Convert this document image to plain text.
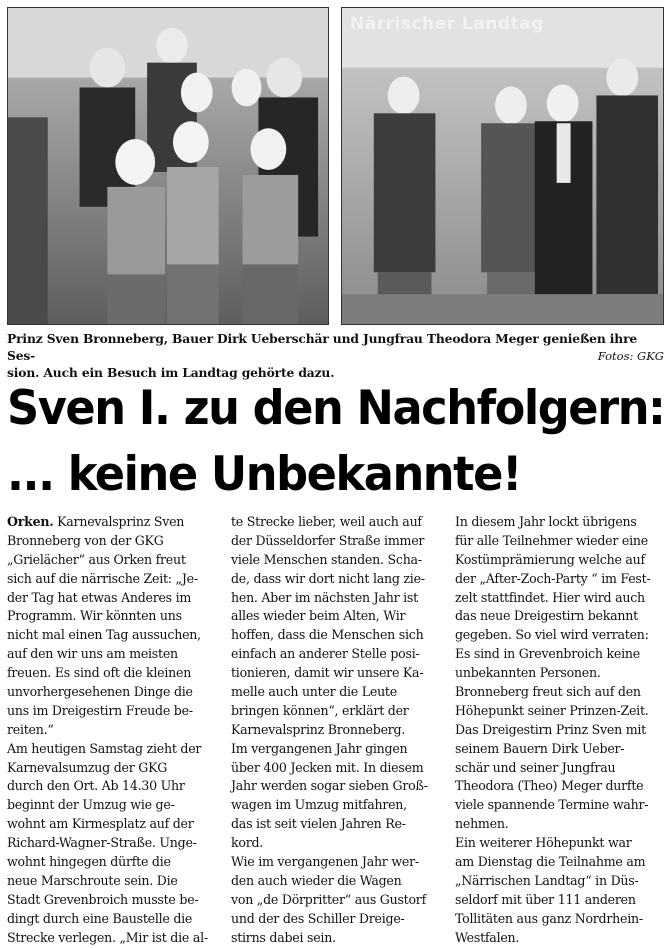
Närrischer Landtag
Prinz Sven Bronneberg, Bauer Dirk Ueberschär und Jungfrau Theodora Meger genießen ihre Ses-
sion. Auch ein Besuch im Landtag gehörte dazu.
Fotos: GKG
Sven I. zu den Nachfolgern:
... keine Unbekannte!
Orken. Karnevalsprinz Sven
Bronneberg von der GKG
„Grielächer“ aus Orken freut
sich auf die närrische Zeit: „Je-
der Tag hat etwas Anderes im
Programm. Wir könnten uns
nicht mal einen Tag aussuchen,
auf den wir uns am meisten
freuen. Es sind oft die kleinen
unvorhergesehenen Dinge die
uns im Dreigestirn Freude be-
reiten.“
Am heutigen Samstag zieht der
Karnevalsumzug der GKG
durch den Ort. Ab 14.30 Uhr
beginnt der Umzug wie ge-
wohnt am Kirmesplatz auf der
Richard-Wagner-Straße. Unge-
wohnt hingegen dürfte die
neue Marschroute sein. Die
Stadt Grevenbroich musste be-
dingt durch eine Baustelle die
Strecke verlegen. „Mir ist die al-
te Strecke lieber, weil auch auf
der Düsseldorfer Straße immer
viele Menschen standen. Scha-
de, dass wir dort nicht lang zie-
hen. Aber im nächsten Jahr ist
alles wieder beim Alten, Wir
hoffen, dass die Menschen sich
einfach an anderer Stelle posi-
tionieren, damit wir unsere Ka-
melle auch unter die Leute
bringen können“, erklärt der
Karnevalsprinz Bronneberg.
Im vergangenen Jahr gingen
über 400 Jecken mit. In diesem
Jahr werden sogar sieben Groß-
wagen im Umzug mitfahren,
das ist seit vielen Jahren Re-
kord.
Wie im vergangenen Jahr wer-
den auch wieder die Wagen
von „de Dörpritter“ aus Gustorf
und der des Schiller Dreige-
stirns dabei sein.
In diesem Jahr lockt übrigens
für alle Teilnehmer wieder eine
Kostümprämierung welche auf
der „After-Zoch-Party “ im Fest-
zelt stattfindet. Hier wird auch
das neue Dreigestirn bekannt
gegeben. So viel wird verraten:
Es sind in Grevenbroich keine
unbekannten Personen.
Bronneberg freut sich auf den
Höhepunkt seiner Prinzen-Zeit.
Das Dreigestirn Prinz Sven mit
seinem Bauern Dirk Ueber-
schär und seiner Jungfrau
Theodora (Theo) Meger durfte
viele spannende Termine wahr-
nehmen.
Ein weiterer Höhepunkt war
am Dienstag die Teilnahme am
„Närrischen Landtag“ in Düs-
seldorf mit über 111 anderen
Tollitäten aus ganz Nordrhein-
Westfalen.
